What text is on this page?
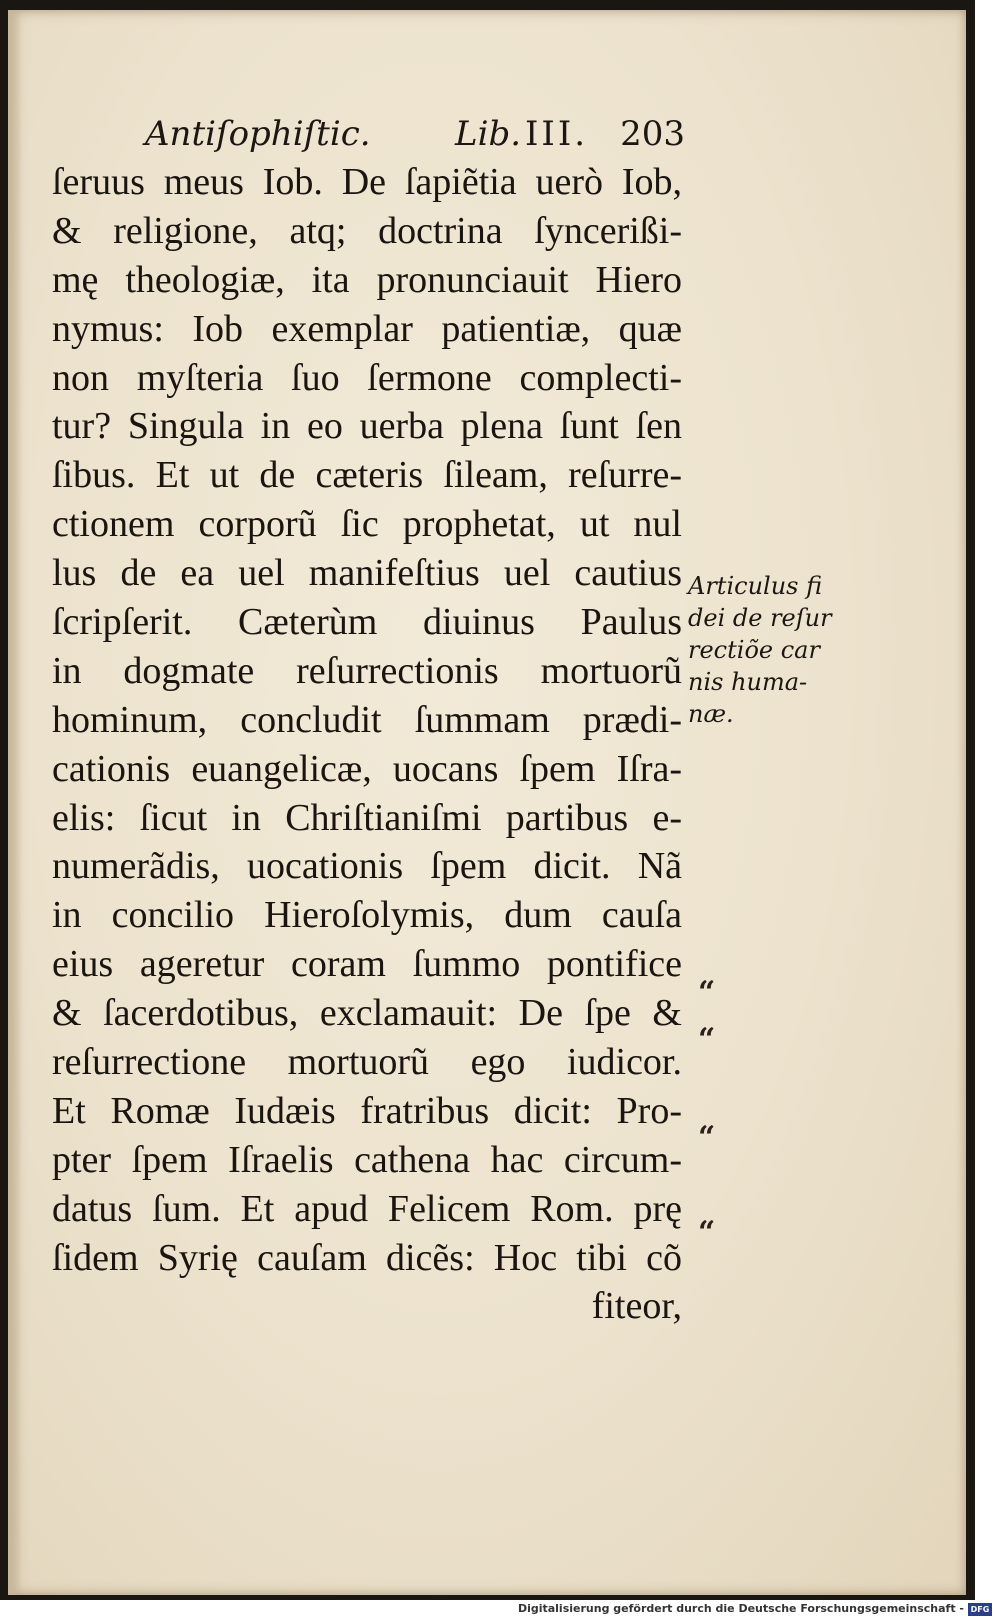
Antiſophiſtic. Lib. III. 203
ſeruus meus Iob. De ſapiẽtia uerò Iob,
& religione, atq; doctrina ſyncerißi-
mę theologiæ, ita pronunciauit Hiero
nymus: Iob exemplar patientiæ, quæ
non myſteria ſuo ſermone complecti-
tur? Singula in eo uerba plena ſunt ſen
ſibus. Et ut de cæteris ſileam, reſurre-
ctionem corporũ ſic prophetat, ut nul
lus de ea uel manifeſtius uel cautius
ſcripſerit. Cæterùm diuinus Paulus
in dogmate reſurrectionis mortuorũ
hominum, concludit ſummam prædi-
cationis euangelicæ, uocans ſpem Iſra-
elis: ſicut in Chriſtianiſmi partibus e-
numerãdis, uocationis ſpem dicit. Nã
in concilio Hieroſolymis, dum cauſa
eius ageretur coram ſummo pontifice
& ſacerdotibus, exclamauit: De ſpe &
reſurrectione mortuorũ ego iudicor.
Et Romæ Iudæis fratribus dicit: Pro-
pter ſpem Iſraelis cathena hac circum-
datus ſum. Et apud Felicem Rom. prę
ſidem Syrię cauſam dicẽs: Hoc tibi cõ
fiteor,
Articulus fi
dei de reſur
rectiõe car
nis huma-
næ.
“
“
“
“
Digitalisierung gefördert durch die Deutsche Forschungsgemeinschaft - DFG
